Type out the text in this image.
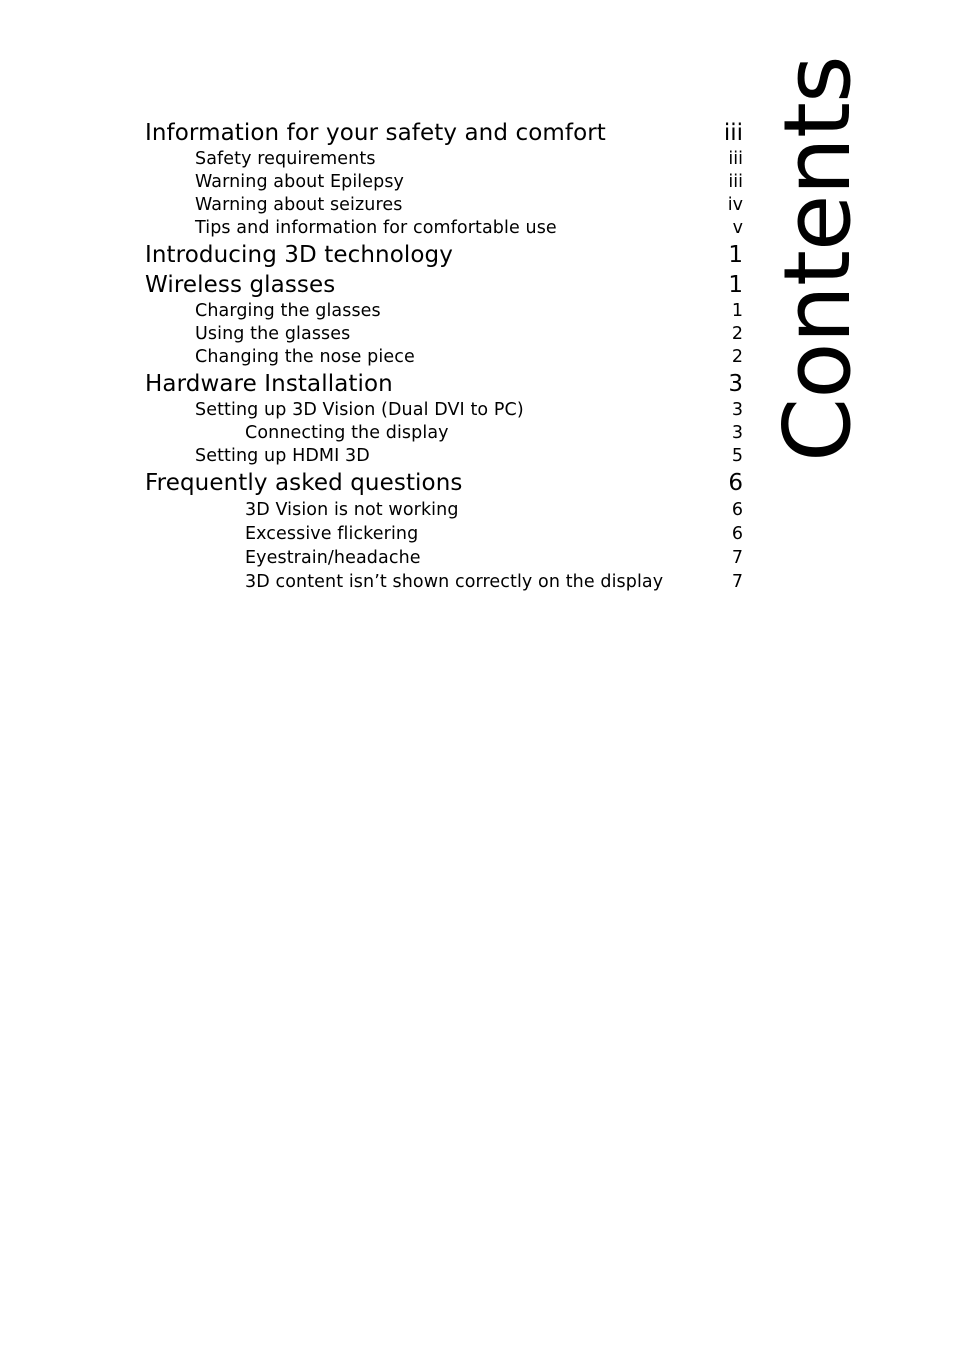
Information for your safety and comfort	iii
Safety requirements	iii
Warning about Epilepsy	iii
Warning about seizures	iv
Tips and information for comfortable use	v
Introducing 3D technology	1
Wireless glasses	1
Charging the glasses	1
Using the glasses	2
Changing the nose piece	2
Hardware Installation	3
Setting up 3D Vision (Dual DVI to PC)	3
Connecting the display	3
Setting up HDMI 3D	5
Frequently asked questions	6
3D Vision is not working	6
Excessive flickering	6
Eyestrain/headache	7
3D content isn’t shown correctly on the display	7
Contents
